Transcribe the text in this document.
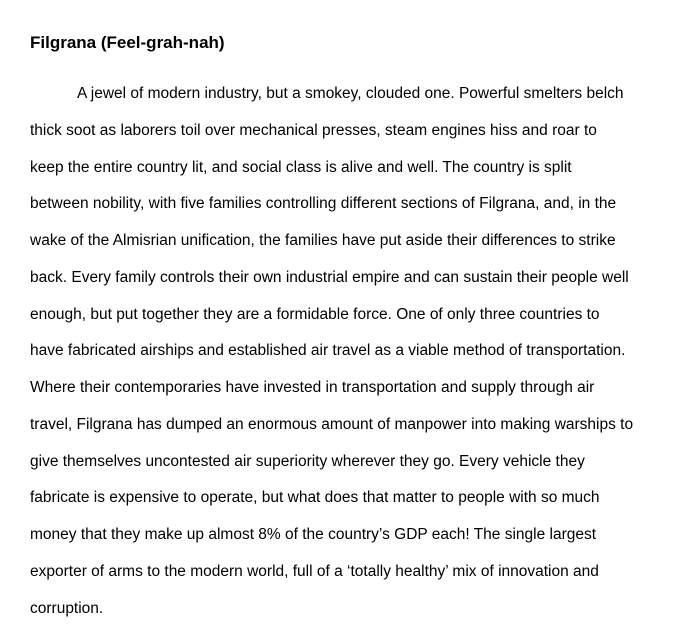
Filgrana (Feel-grah-nah)
A jewel of modern industry, but a smokey, clouded one. Powerful smelters belch
thick soot as laborers toil over mechanical presses, steam engines hiss and roar to
keep the entire country lit, and social class is alive and well. The country is split
between nobility, with five families controlling different sections of Filgrana, and, in the
wake of the Almisrian unification, the families have put aside their differences to strike
back. Every family controls their own industrial empire and can sustain their people well
enough, but put together they are a formidable force. One of only three countries to
have fabricated airships and established air travel as a viable method of transportation.
Where their contemporaries have invested in transportation and supply through air
travel, Filgrana has dumped an enormous amount of manpower into making warships to
give themselves uncontested air superiority wherever they go. Every vehicle they
fabricate is expensive to operate, but what does that matter to people with so much
money that they make up almost 8% of the country’s GDP each! The single largest
exporter of arms to the modern world, full of a ‘totally healthy’ mix of innovation and
corruption.
